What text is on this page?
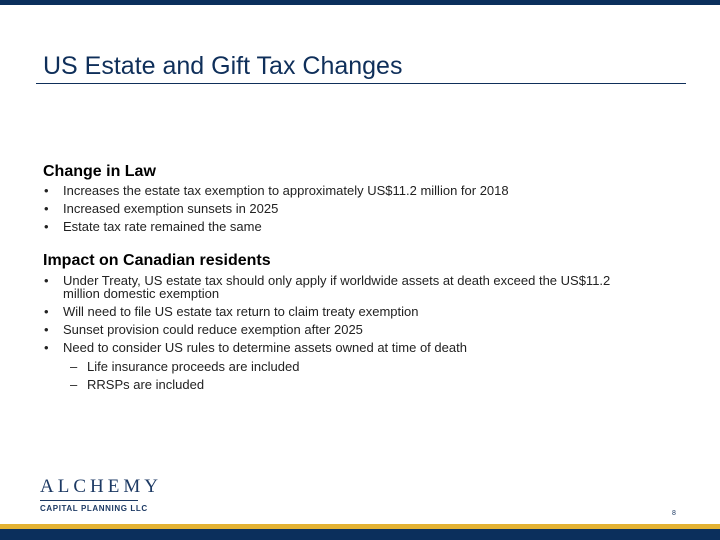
US Estate and Gift Tax Changes
Change in Law
• Increases the estate tax exemption to approximately US$11.2 million for 2018
• Increased exemption sunsets in 2025
• Estate tax rate remained the same
Impact on Canadian residents
• Under Treaty, US estate tax should only apply if worldwide assets at death exceed the US$11.2 million domestic exemption
• Will need to file US estate tax return to claim treaty exemption
• Sunset provision could reduce exemption after 2025
• Need to consider US rules to determine assets owned at time of death
– Life insurance proceeds are included
– RRSPs are included
ALCHEMY
CAPITAL PLANNING LLC
8
